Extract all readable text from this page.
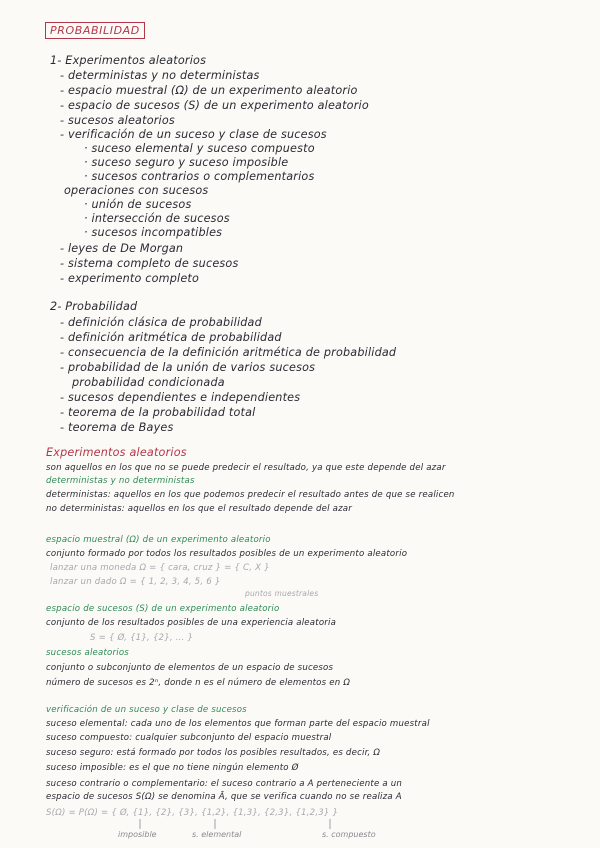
PROBABILIDAD
1- Experimentos aleatorios
- deterministas y no deterministas
- espacio muestral (Ω) de un experimento aleatorio
- espacio de sucesos (S) de un experimento aleatorio
- sucesos aleatorios
- verificación de un suceso y clase de sucesos
· suceso elemental y suceso compuesto
· suceso seguro y suceso imposible
· sucesos contrarios o complementarios
operaciones con sucesos
· unión de sucesos
· intersección de sucesos
· sucesos incompatibles
- leyes de De Morgan
- sistema completo de sucesos
- experimento completo
2- Probabilidad
- definición clásica de probabilidad
- definición aritmética de probabilidad
- consecuencia de la definición aritmética de probabilidad
- probabilidad de la unión de varios sucesos
probabilidad condicionada
- sucesos dependientes e independientes
- teorema de la probabilidad total
- teorema de Bayes
Experimentos aleatorios
son aquellos en los que no se puede predecir el resultado, ya que este depende del azar
deterministas y no deterministas
deterministas: aquellos en los que podemos predecir el resultado antes de que se realicen
no deterministas: aquellos en los que el resultado depende del azar
espacio muestral (Ω) de un experimento aleatorio
conjunto formado por todos los resultados posibles de un experimento aleatorio
lanzar una moneda Ω = { cara, cruz } = { C, X }
lanzar un dado Ω = { 1, 2, 3, 4, 5, 6 }
puntos muestrales
espacio de sucesos (S) de un experimento aleatorio
conjunto de los resultados posibles de una experiencia aleatoria
S = { Ø, {1}, {2}, ... }
sucesos aleatorios
conjunto o subconjunto de elementos de un espacio de sucesos
número de sucesos es 2ⁿ, donde n es el número de elementos en Ω
verificación de un suceso y clase de sucesos
suceso elemental: cada uno de los elementos que forman parte del espacio muestral
suceso compuesto: cualquier subconjunto del espacio muestral
suceso seguro: está formado por todos los posibles resultados, es decir, Ω
suceso imposible: es el que no tiene ningún elemento Ø
suceso contrario o complementario: el suceso contrario a A perteneciente a un
espacio de sucesos S(Ω) se denomina Ā, que se verifica cuando no se realiza A
S(Ω) = P(Ω) = { Ø, {1}, {2}, {3}, {1,2}, {1,3}, {2,3}, {1,2,3} }
imposible	s. elemental	s. compuesto
